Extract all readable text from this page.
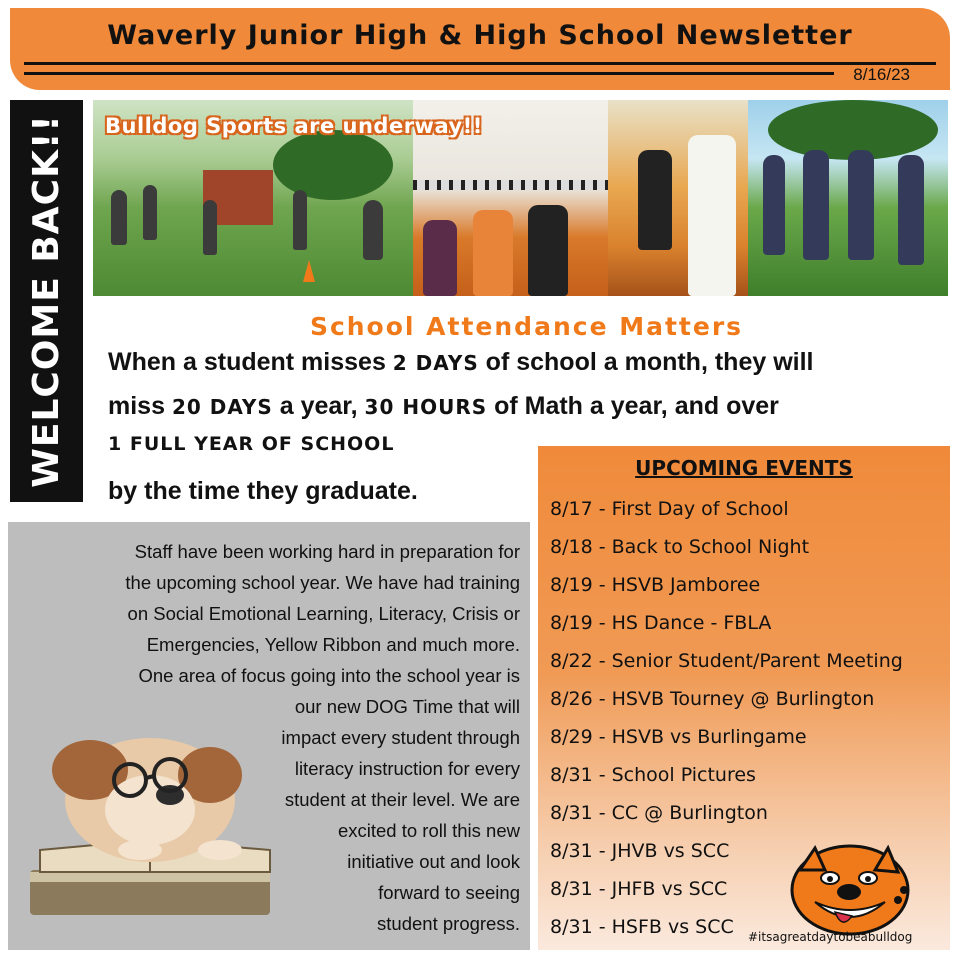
Waverly Junior High & High School Newsletter
8/16/23
WELCOME BACK!!	Bulldog Sports are underway!!
School Attendance Matters
When a student misses 2 DAYS of school a month, they will
miss 20 DAYS a year, 30 HOURS of Math a year, and over
1 FULL YEAR OF SCHOOL
by the time they graduate.
Staff have been working hard in preparation for
the upcoming school year. We have had training
on Social Emotional Learning, Literacy, Crisis or
Emergencies, Yellow Ribbon and much more.
One area of focus going into the school year is
our new DOG Time that will
impact every student through
literacy instruction for every
student at their level. We are
excited to roll this new
initiative out and look
forward to seeing
student progress.
UPCOMING EVENTS
8/17 - First Day of School
8/18 - Back to School Night
8/19 - HSVB Jamboree
8/19 - HS Dance - FBLA
8/22 - Senior Student/Parent Meeting
8/26 - HSVB Tourney @ Burlington
8/29 - HSVB vs Burlingame
8/31 - School Pictures
8/31 - CC @ Burlington
8/31 - JHVB vs SCC
8/31 - JHFB vs SCC
8/31 - HSFB vs SCC	#itsagreatdaytobeabulldog
